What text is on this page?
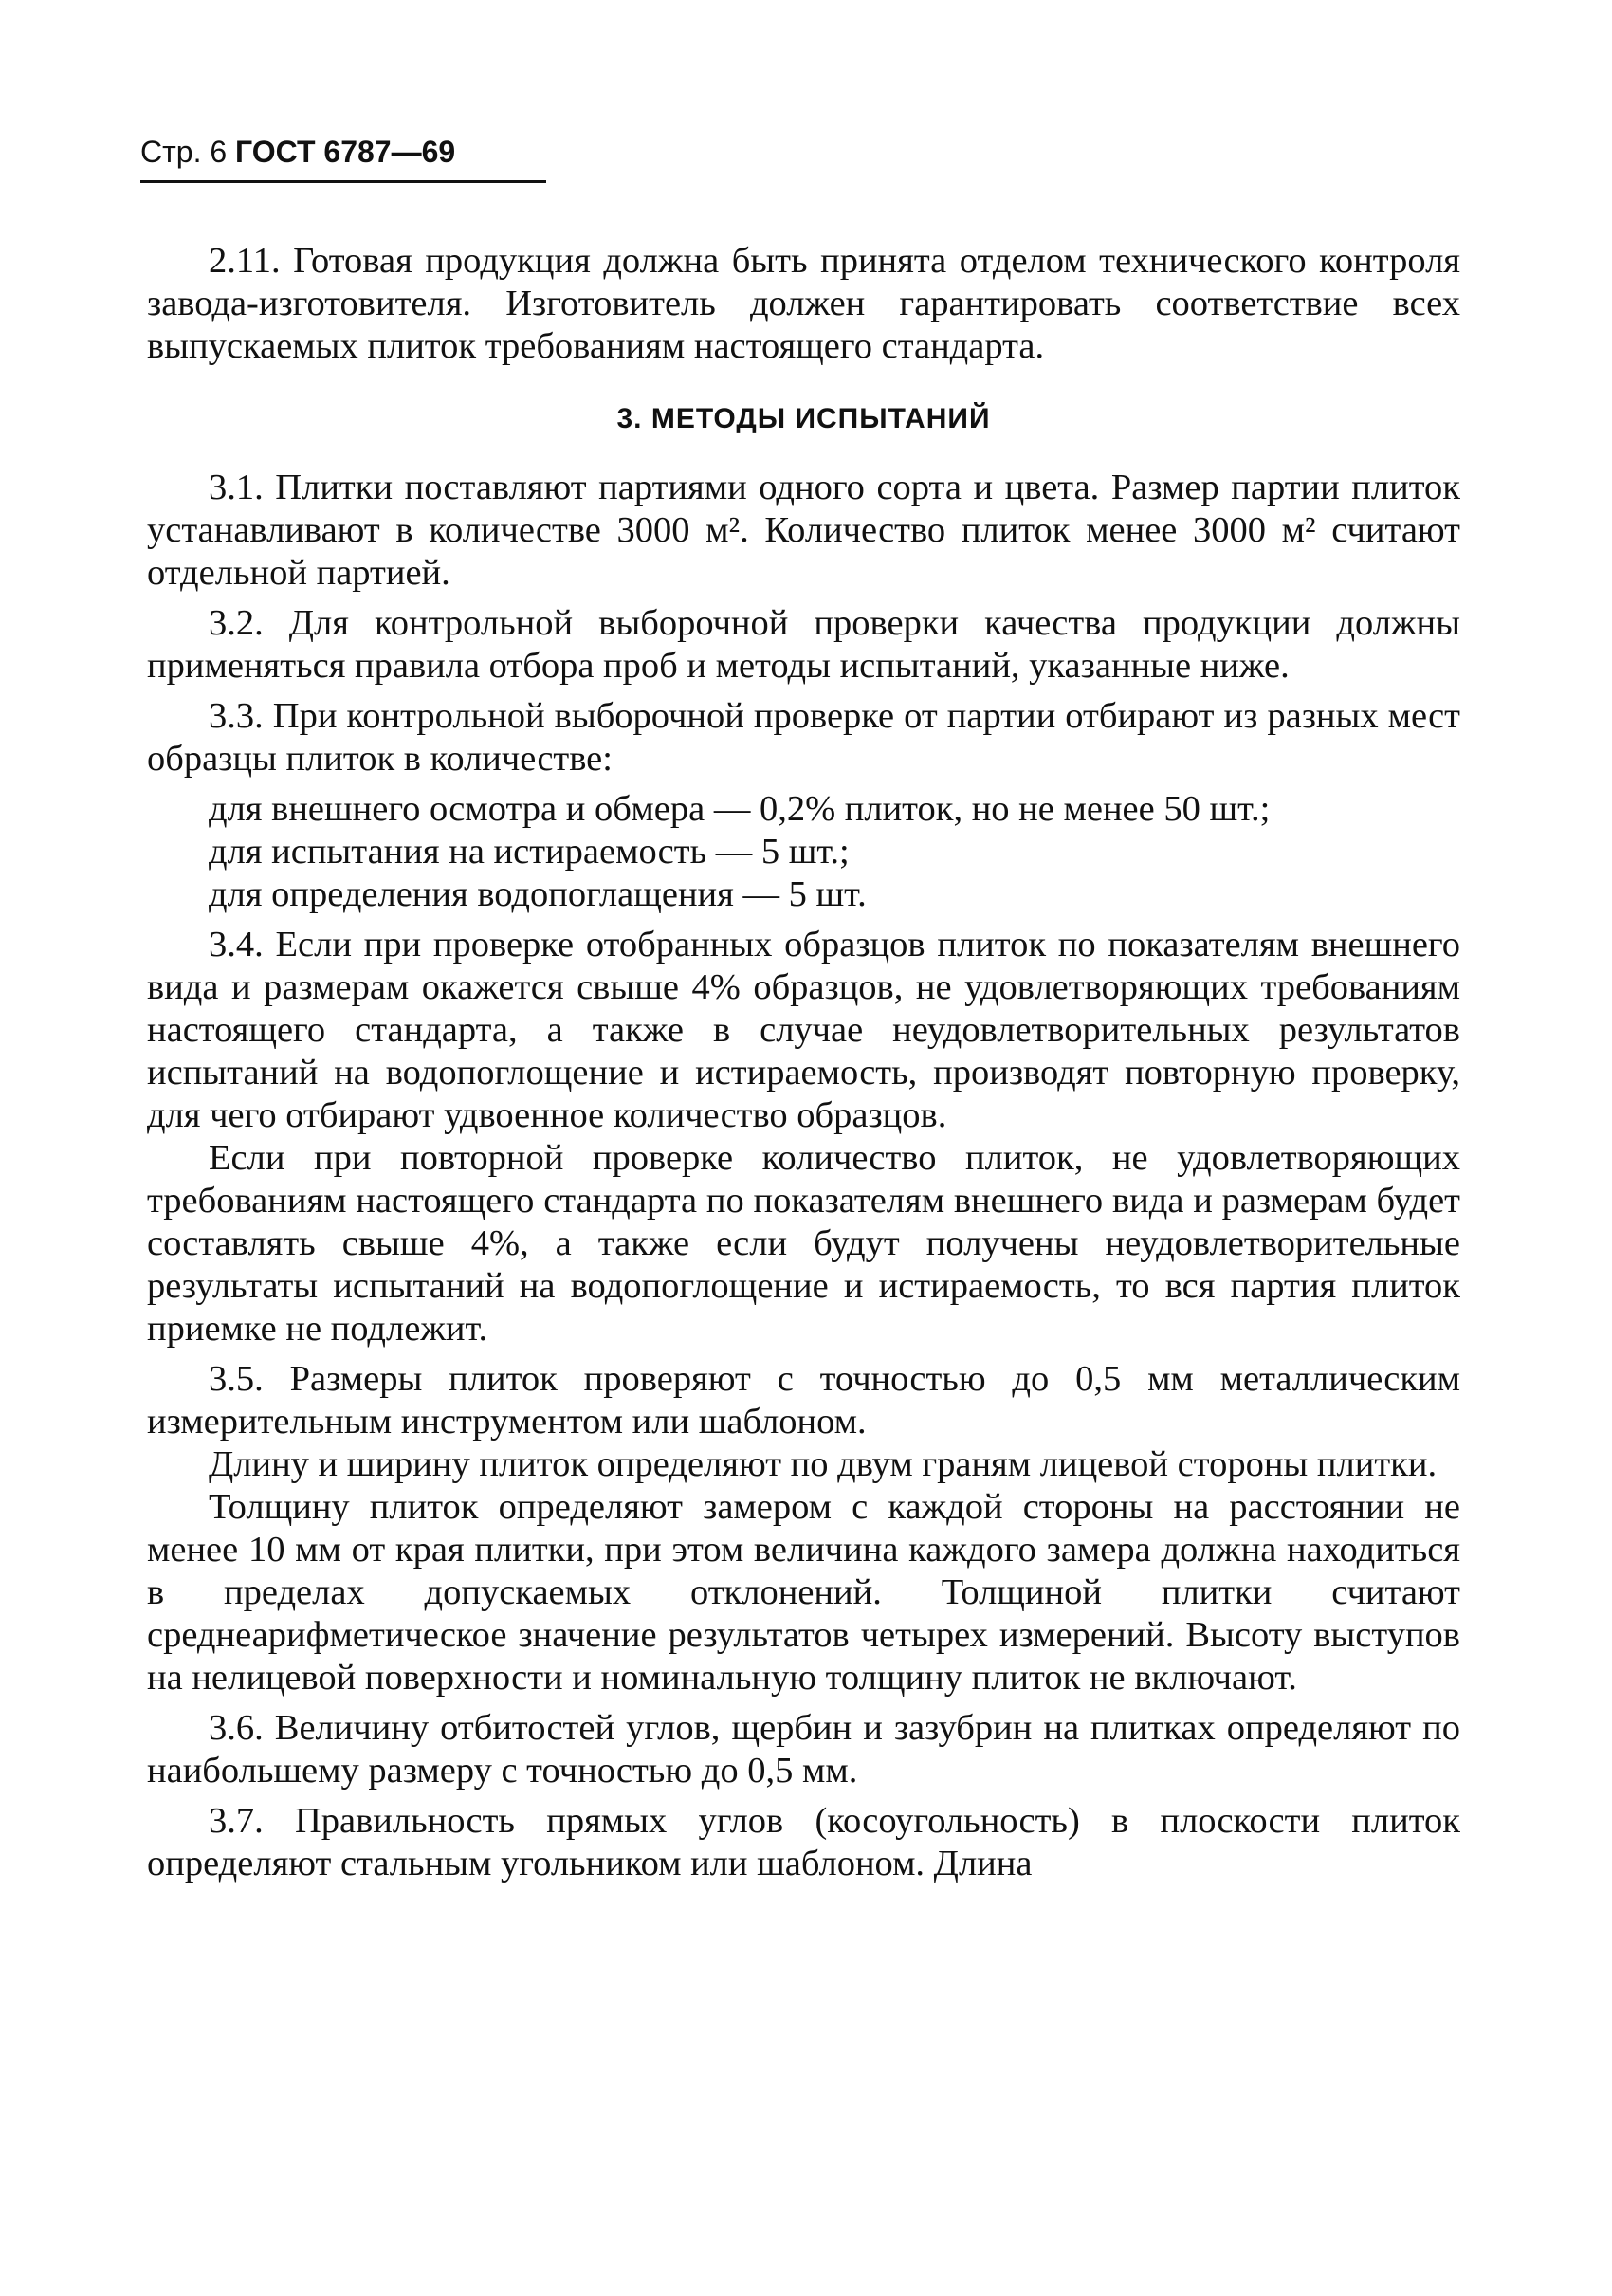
Стр. 6 ГОСТ 6787—69

2.11. Готовая продукция должна быть принята отделом технического контроля завода-изготовителя. Изготовитель должен гарантировать соответствие всех выпускаемых плиток требованиям настоящего стандарта.

3. МЕТОДЫ ИСПЫТАНИЙ

3.1. Плитки поставляют партиями одного сорта и цвета. Размер партии плиток устанавливают в количестве 3000 м². Количество плиток менее 3000 м² считают отдельной партией.

3.2. Для контрольной выборочной проверки качества продукции должны применяться правила отбора проб и методы испытаний, указанные ниже.

3.3. При контрольной выборочной проверке от партии отбирают из разных мест образцы плиток в количестве:

для внешнего осмотра и обмера — 0,2% плиток, но не менее 50 шт.;

для испытания на истираемость — 5 шт.;

для определения водопоглащения — 5 шт.

3.4. Если при проверке отобранных образцов плиток по показателям внешнего вида и размерам окажется свыше 4% образцов, не удовлетворяющих требованиям настоящего стандарта, а также в случае неудовлетворительных результатов испытаний на водопоглощение и истираемость, производят повторную проверку, для чего отбирают удвоенное количество образцов.

Если при повторной проверке количество плиток, не удовлетворяющих требованиям настоящего стандарта по показателям внешнего вида и размерам будет составлять свыше 4%, а также если будут получены неудовлетворительные результаты испытаний на водопоглощение и истираемость, то вся партия плиток приемке не подлежит.

3.5. Размеры плиток проверяют с точностью до 0,5 мм металлическим измерительным инструментом или шаблоном.

Длину и ширину плиток определяют по двум граням лицевой стороны плитки.

Толщину плиток определяют замером с каждой стороны на расстоянии не менее 10 мм от края плитки, при этом величина каждого замера должна находиться в пределах допускаемых отклонений. Толщиной плитки считают среднеарифметическое значение результатов четырех измерений. Высоту выступов на нелицевой поверхности и номинальную толщину плиток не включают.

3.6. Величину отбитостей углов, щербин и зазубрин на плитках определяют по наибольшему размеру с точностью до 0,5 мм.

3.7. Правильность прямых углов (косоугольность) в плоскости плиток определяют стальным угольником или шаблоном. Длина
